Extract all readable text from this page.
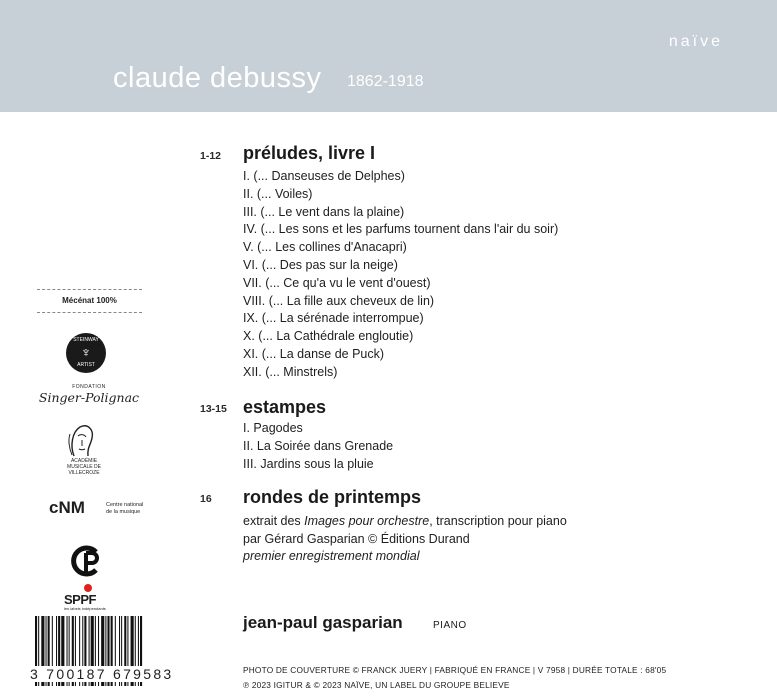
naïve
claude debussy 1862-1918
1-12 préludes, livre I
I. (... Danseuses de Delphes)
II. (... Voiles)
III. (... Le vent dans la plaine)
IV. (... Les sons et les parfums tournent dans l'air du soir)
V. (... Les collines d'Anacapri)
VI. (... Des pas sur la neige)
VII. (... Ce qu'a vu le vent d'ouest)
VIII. (... La fille aux cheveux de lin)
IX. (... La sérénade interrompue)
X. (... La Cathédrale engloutie)
XI. (... La danse de Puck)
XII. (... Minstrels)
13-15 estampes
I. Pagodes
II. La Soirée dans Grenade
III. Jardins sous la pluie
16 rondes de printemps
extrait des Images pour orchestre, transcription pour piano
par Gérard Gasparian © Éditions Durand
premier enregistrement mondial
jean-paul gasparian	PIANO
PHOTO DE COUVERTURE © FRANCK JUERY | FABRIQUÉ EN FRANCE | V 7958 | DURÉE TOTALE : 68'05
℗ 2023 IGITUR & © 2023 NAÏVE, UN LABEL DU GROUPE BELIEVE
Mécénat 100%
STEINWAY
♆
ARTIST
FONDATION
Singer-Polignac
ACADÉMIE MUSICALE DE VILLECROZE
cNM	Centre national de la musique
SPPF
les labels indépendants
3 700187 679583
